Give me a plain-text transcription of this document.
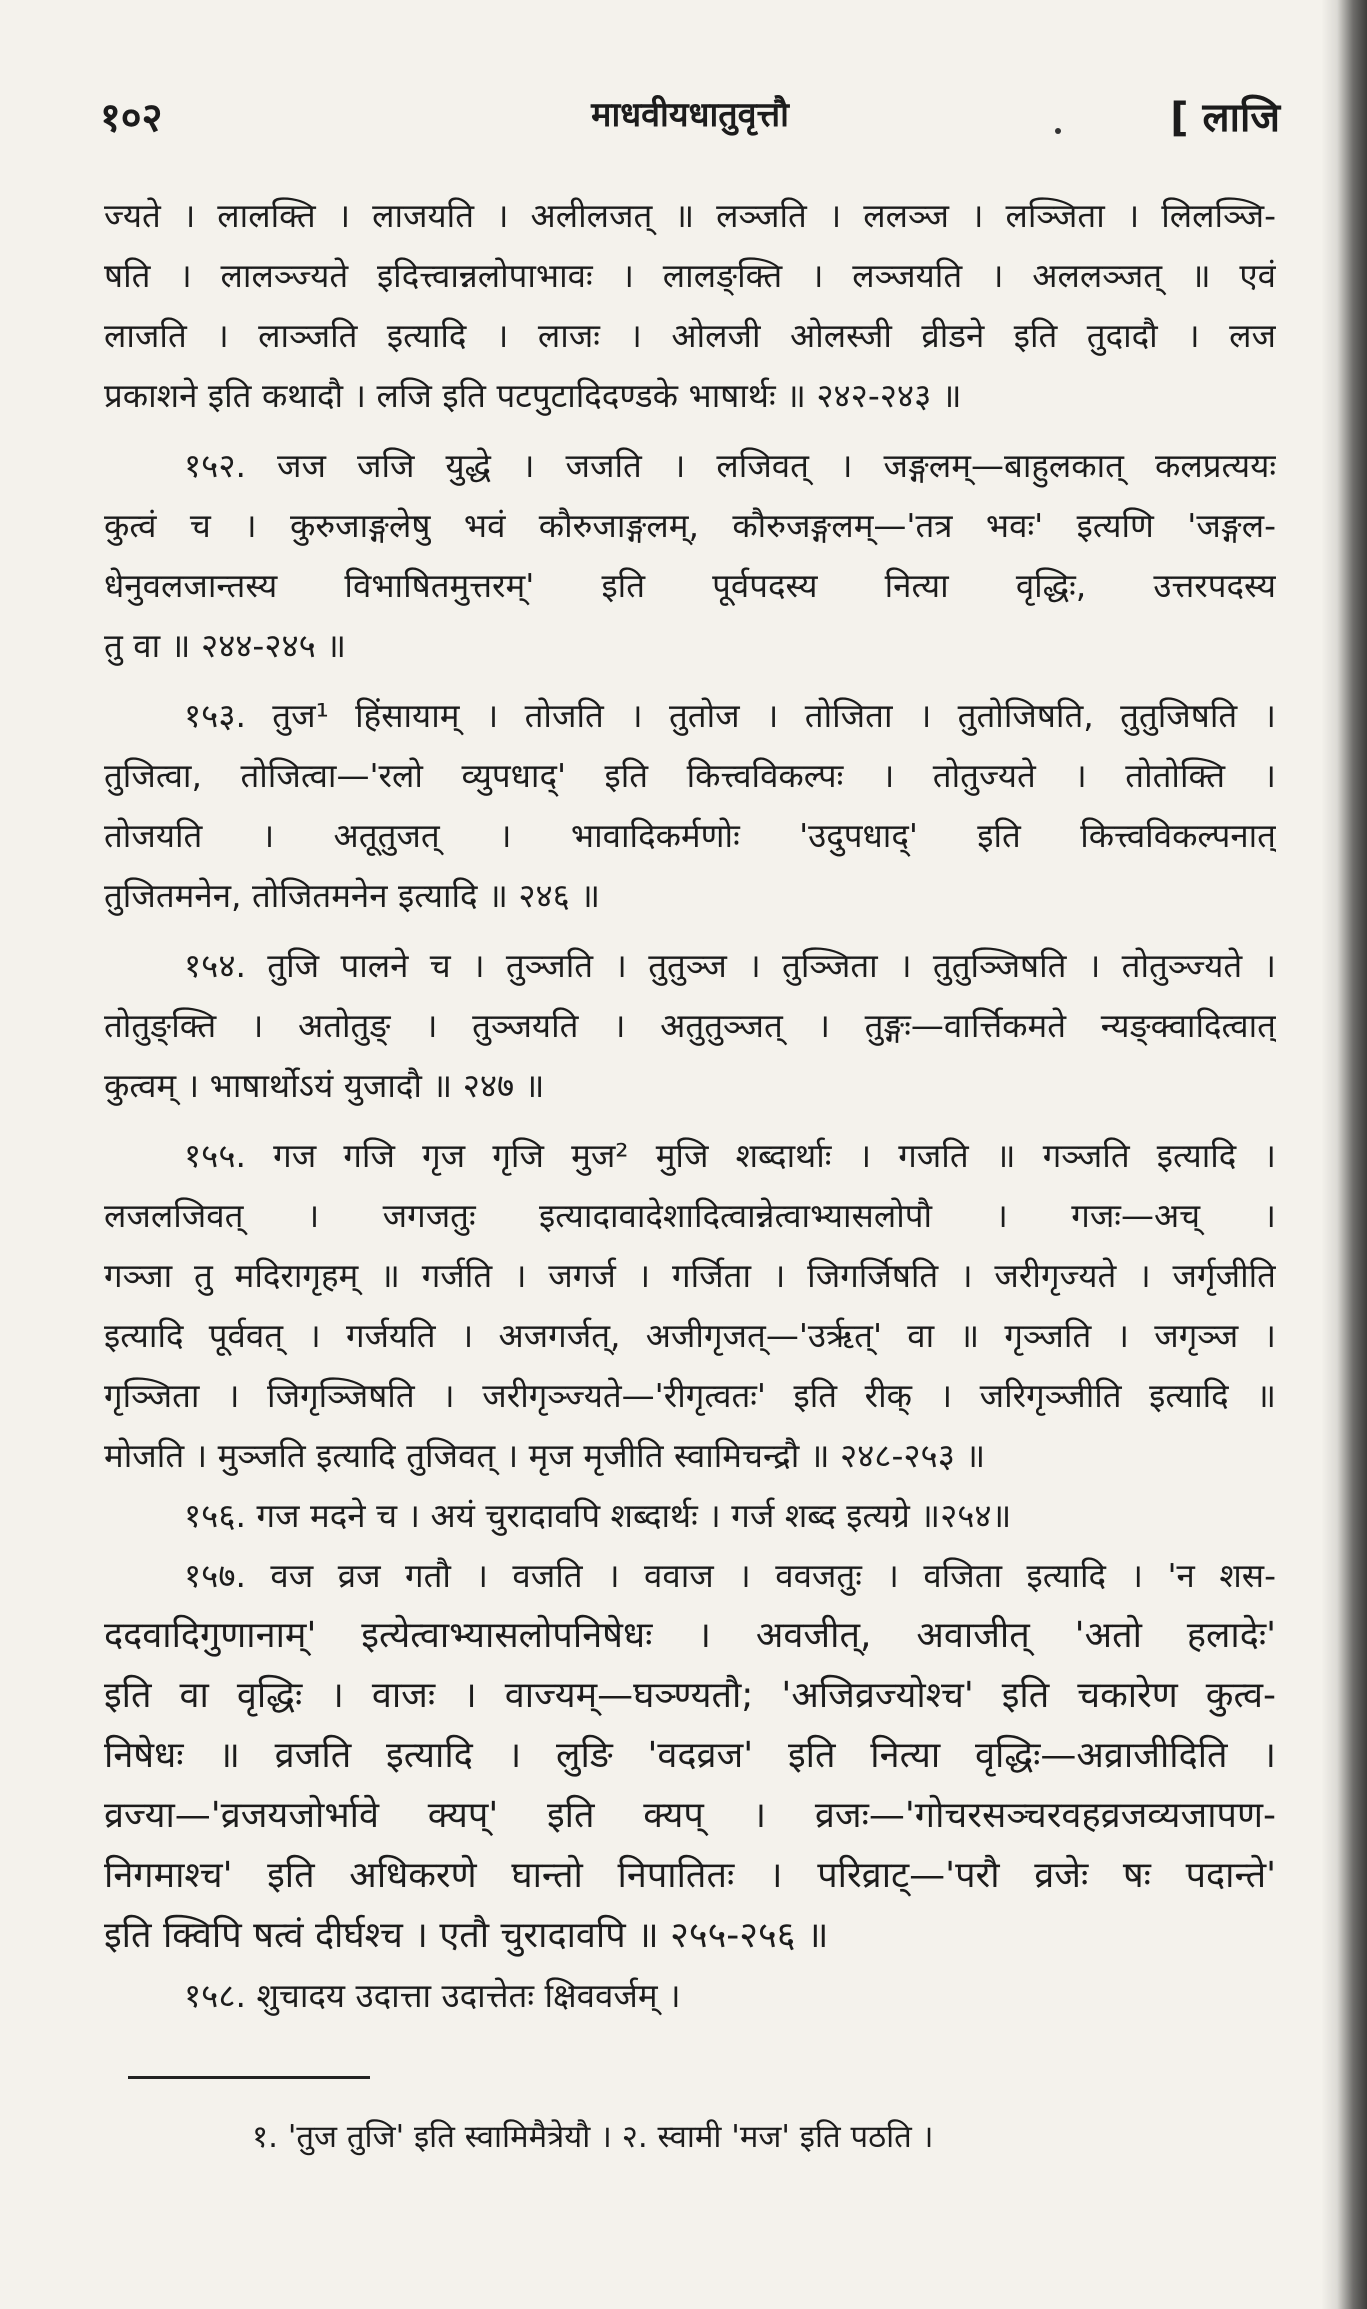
१०२	माधवीयधातुवृत्तौ	[ लाजि
ज्यते । लालक्ति । लाजयति । अलीलजत् ॥ लञ्जति । ललञ्ज । लञ्जिता । लिलञ्जि-
षति । लालञ्ज्यते इदित्त्वान्नलोपाभावः । लालङ्क्ति । लञ्जयति । अललञ्जत् ॥ एवं
लाजति । लाञ्जति इत्यादि । लाजः । ओलजी ओलस्जी व्रीडने इति तुदादौ । लज
प्रकाशने इति कथादौ । लजि इति पटपुटादिदण्डके भाषार्थः ॥ २४२-२४३ ॥
१५२. जज जजि युद्धे । जजति । लजिवत् । जङ्गलम्—बाहुलकात् कलप्रत्ययः
कुत्वं च । कुरुजाङ्गलेषु भवं कौरुजाङ्गलम्, कौरुजङ्गलम्—'तत्र भवः' इत्यणि 'जङ्गल-
धेनुवलजान्तस्य विभाषितमुत्तरम्' इति पूर्वपदस्य नित्या वृद्धिः, उत्तरपदस्य
तु वा ॥ २४४-२४५ ॥
१५३. तुज¹ हिंसायाम् । तोजति । तुतोज । तोजिता । तुतोजिषति, तुतुजिषति ।
तुजित्वा, तोजित्वा—'रलो व्युपधाद्' इति कित्त्वविकल्पः । तोतुज्यते । तोतोक्ति ।
तोजयति । अतूतुजत् । भावादिकर्मणोः 'उदुपधाद्' इति कित्त्वविकल्पनात्
तुजितमनेन, तोजितमनेन इत्यादि ॥ २४६ ॥
१५४. तुजि पालने च । तुञ्जति । तुतुञ्ज । तुञ्जिता । तुतुञ्जिषति । तोतुञ्ज्यते ।
तोतुङ्क्ति । अतोतुङ् । तुञ्जयति । अतुतुञ्जत् । तुङ्गः—वार्त्तिकमते न्यङ्क्वादित्वात्
कुत्वम् । भाषार्थोऽयं युजादौ ॥ २४७ ॥
१५५. गज गजि गृज गृजि मुज² मुजि शब्दार्थाः । गजति ॥ गञ्जति इत्यादि ।
लजलजिवत् । जगजतुः इत्यादावादेशादित्वान्नेत्वाभ्यासलोपौ । गजः—अच् ।
गञ्जा तु मदिरागृहम् ॥ गर्जति । जगर्ज । गर्जिता । जिगर्जिषति । जरीगृज्यते । जर्गृजीति
इत्यादि पूर्ववत् । गर्जयति । अजगर्जत्, अजीगृजत्—'उर्ऋत्' वा ॥ गृञ्जति । जगृञ्ज ।
गृञ्जिता । जिगृञ्जिषति । जरीगृञ्ज्यते—'रीगृत्वतः' इति रीक् । जरिगृञ्जीति इत्यादि ॥
मोजति । मुञ्जति इत्यादि तुजिवत् । मृज मृजीति स्वामिचन्द्रौ ॥ २४८-२५३ ॥
१५६. गज मदने च । अयं चुरादावपि शब्दार्थः । गर्ज शब्द इत्यग्रे ॥२५४॥
१५७. वज व्रज गतौ । वजति । ववाज । ववजतुः । वजिता इत्यादि । 'न शस-
ददवादिगुणानाम्' इत्येत्वाभ्यासलोपनिषेधः । अवजीत्, अवाजीत् 'अतो हलादेः'
इति वा वृद्धिः । वाजः । वाज्यम्—घञ्ण्यतौ; 'अजिव्रज्योश्च' इति चकारेण कुत्व-
निषेधः ॥ व्रजति इत्यादि । लुङि 'वदव्रज' इति नित्या वृद्धिः—अव्राजीदिति ।
व्रज्या—'व्रजयजोर्भावे क्यप्' इति क्यप् । व्रजः—'गोचरसञ्चरवहव्रजव्यजापण-
निगमाश्च' इति अधिकरणे घान्तो निपातितः । परिव्राट्—'परौ व्रजेः षः पदान्ते'
इति क्विपि षत्वं दीर्घश्च । एतौ चुरादावपि ॥ २५५-२५६ ॥
१५८. शुचादय उदात्ता उदात्तेतः क्षिववर्जम् ।
१. 'तुज तुजि' इति स्वामिमैत्रेयौ । २. स्वामी 'मज' इति पठति ।
